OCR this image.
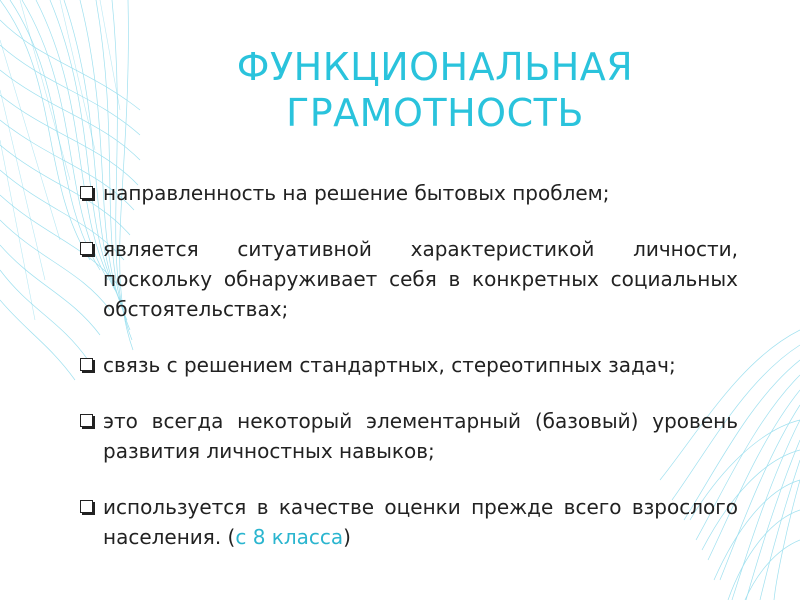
ФУНКЦИОНАЛЬНАЯ
ГРАМОТНОСТЬ
направленность на решение бытовых проблем;
является ситуативной характеристикой личности, поскольку обнаруживает себя в конкретных социальных обстоятельствах;
связь с решением стандартных, стереотипных задач;
это всегда некоторый элементарный (базовый) уровень развития личностных навыков;
используется в качестве оценки прежде всего взрослого населения. (с 8 класса)
